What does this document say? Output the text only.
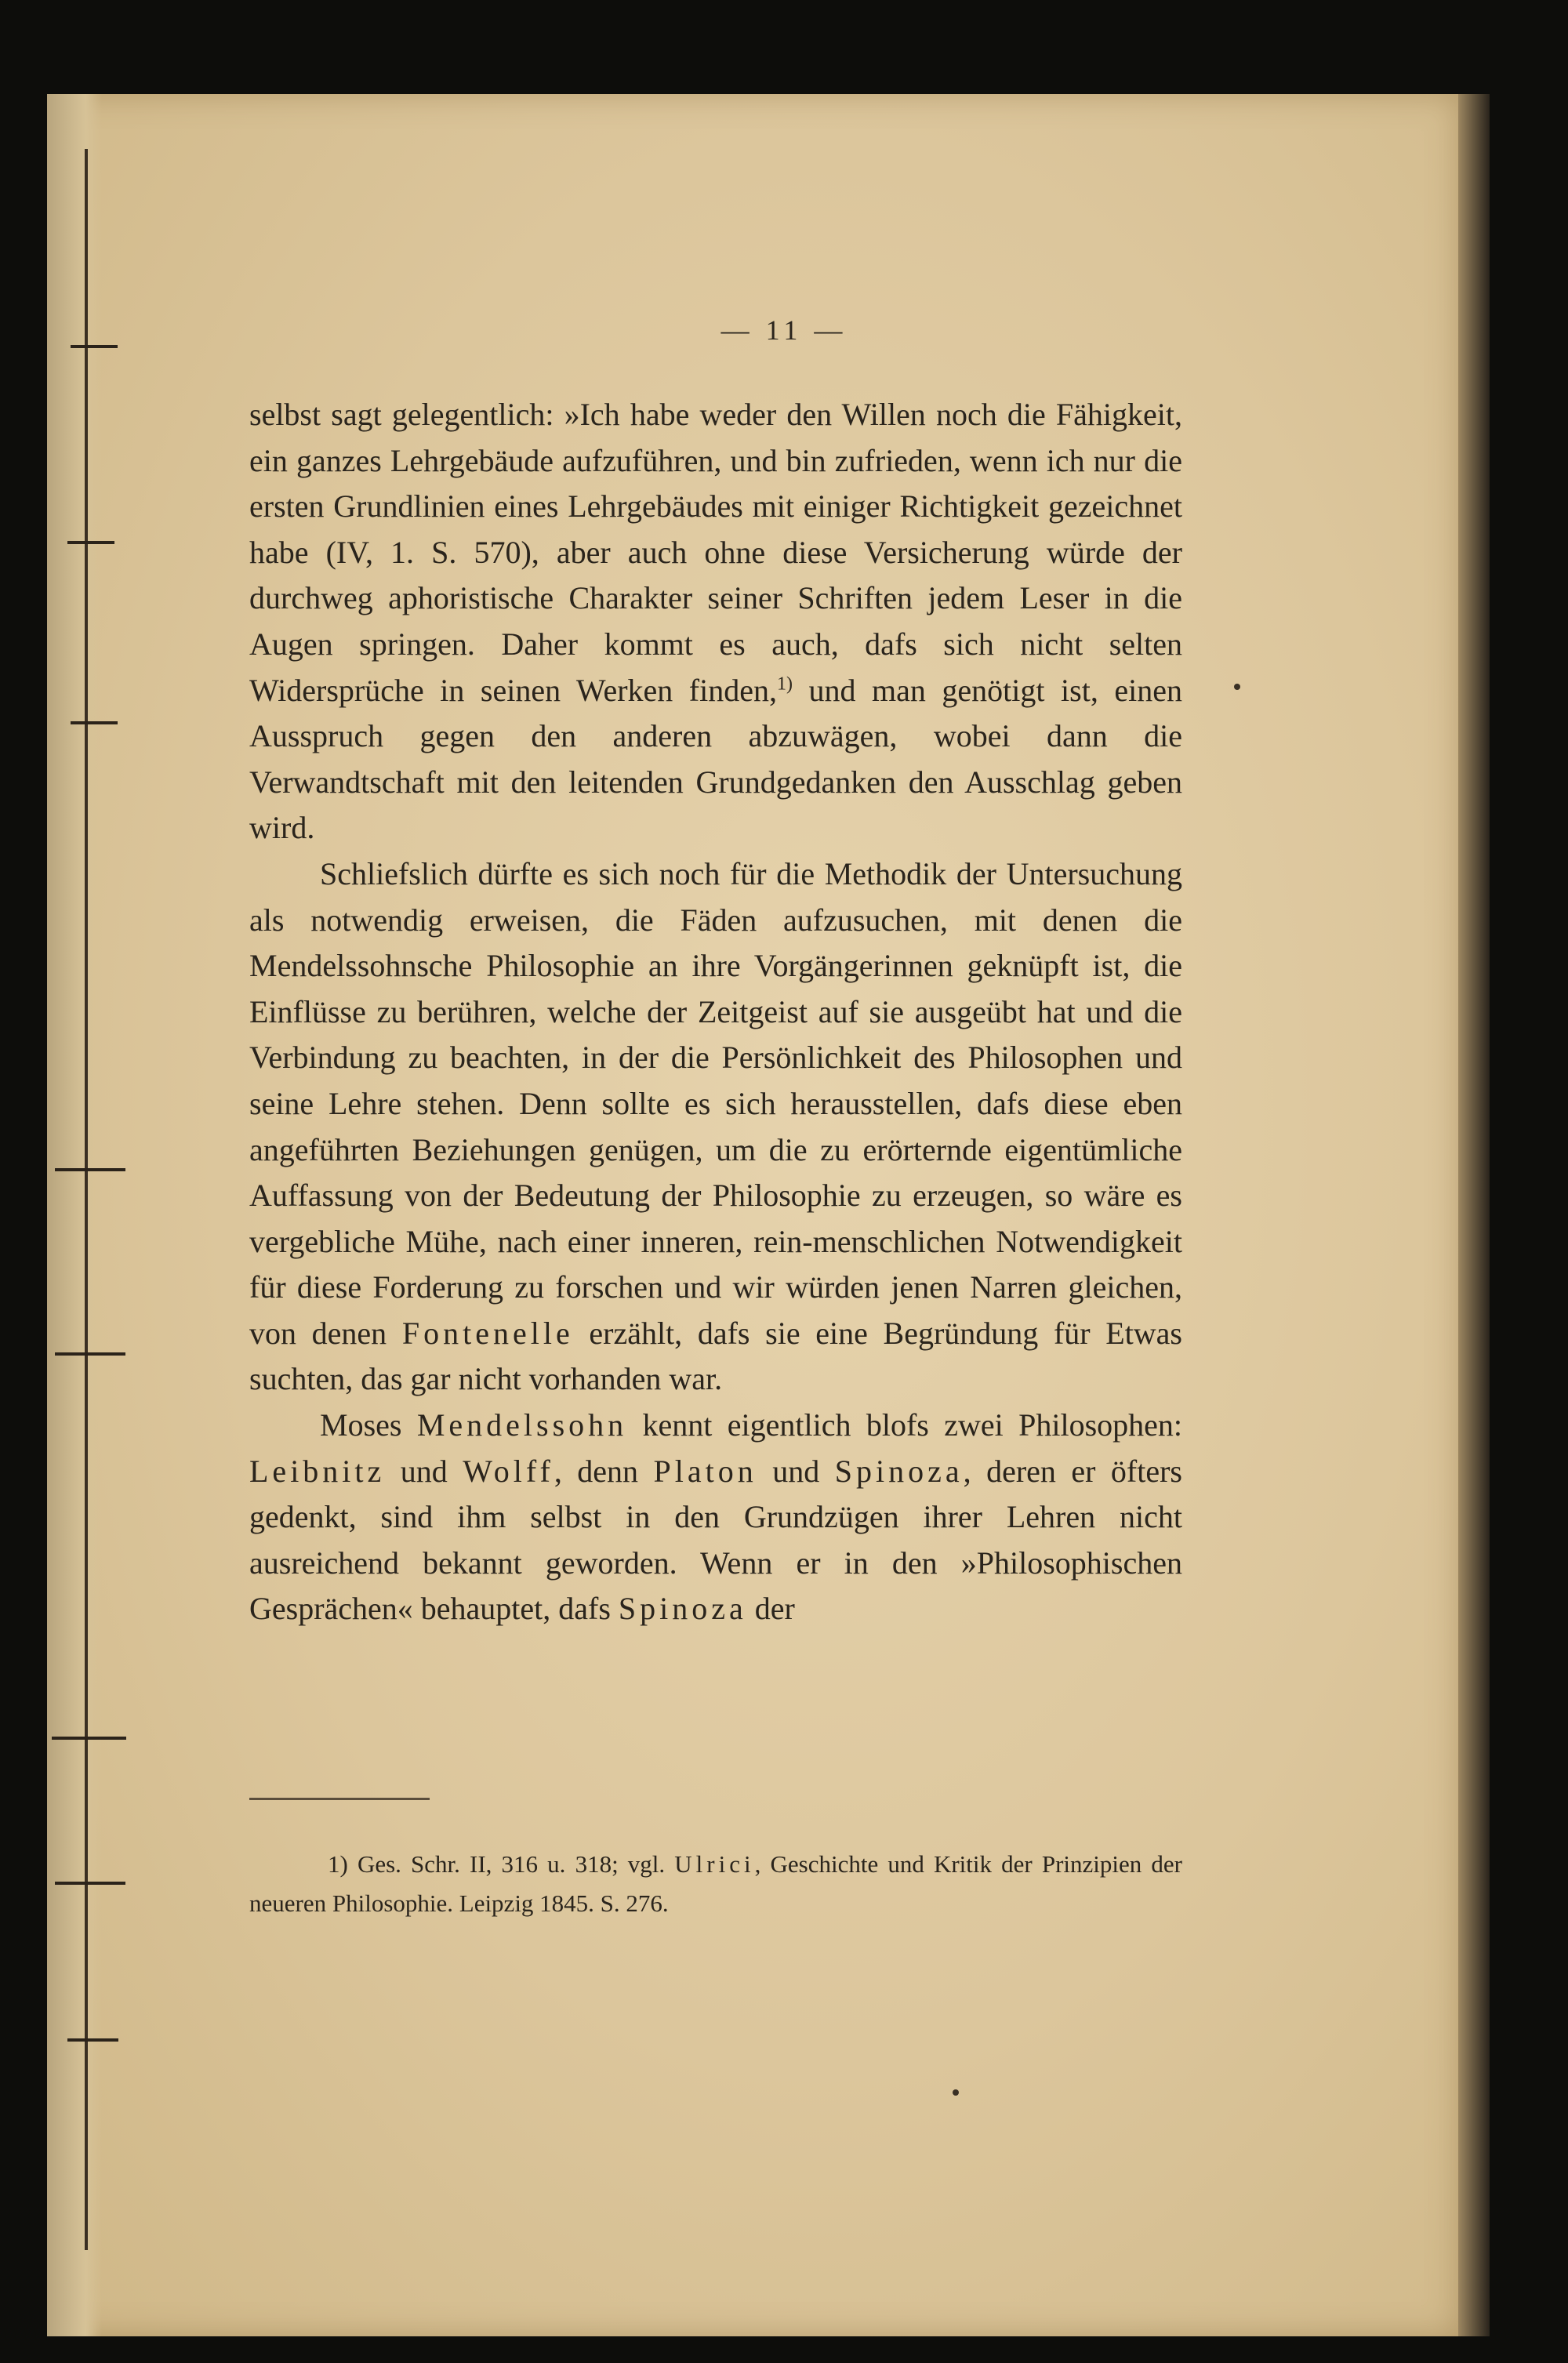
— 11 —

selbst sagt gelegentlich: »Ich habe weder den Willen noch die Fähigkeit, ein ganzes Lehrgebäude aufzuführen, und bin zufrieden, wenn ich nur die ersten Grundlinien eines Lehrgebäudes mit einiger Richtigkeit gezeichnet habe (IV, 1. S. 570), aber auch ohne diese Versicherung würde der durchweg aphoristische Charakter seiner Schriften jedem Leser in die Augen springen. Daher kommt es auch, dafs sich nicht selten Widersprüche in seinen Werken finden,$^{1)}$ und man genötigt ist, einen Ausspruch gegen den anderen abzuwägen, wobei dann die Verwandtschaft mit den leitenden Grundgedanken den Ausschlag geben wird.

Schliefslich dürfte es sich noch für die Methodik der Untersuchung als notwendig erweisen, die Fäden aufzusuchen, mit denen die Mendelssohnsche Philosophie an ihre Vorgängerinnen geknüpft ist, die Einflüsse zu berühren, welche der Zeitgeist auf sie ausgeübt hat und die Verbindung zu beachten, in der die Persönlichkeit des Philosophen und seine Lehre stehen. Denn sollte es sich herausstellen, dafs diese eben angeführten Beziehungen genügen, um die zu erörternde eigentümliche Auffassung von der Bedeutung der Philosophie zu erzeugen, so wäre es vergebliche Mühe, nach einer inneren, rein-menschlichen Notwendigkeit für diese Forderung zu forschen und wir würden jenen Narren gleichen, von denen Fontenelle erzählt, dafs sie eine Begründung für Etwas suchten, das gar nicht vorhanden war.

Moses Mendelssohn kennt eigentlich blofs zwei Philosophen: Leibnitz und Wolff, denn Platon und Spinoza, deren er öfters gedenkt, sind ihm selbst in den Grundzügen ihrer Lehren nicht ausreichend bekannt geworden. Wenn er in den »Philosophischen Gesprächen« behauptet, dafs Spinoza der

1) Ges. Schr. II, 316 u. 318; vgl. Ulrici, Geschichte und Kritik der Prinzipien der neueren Philosophie. Leipzig 1845. S. 276.
